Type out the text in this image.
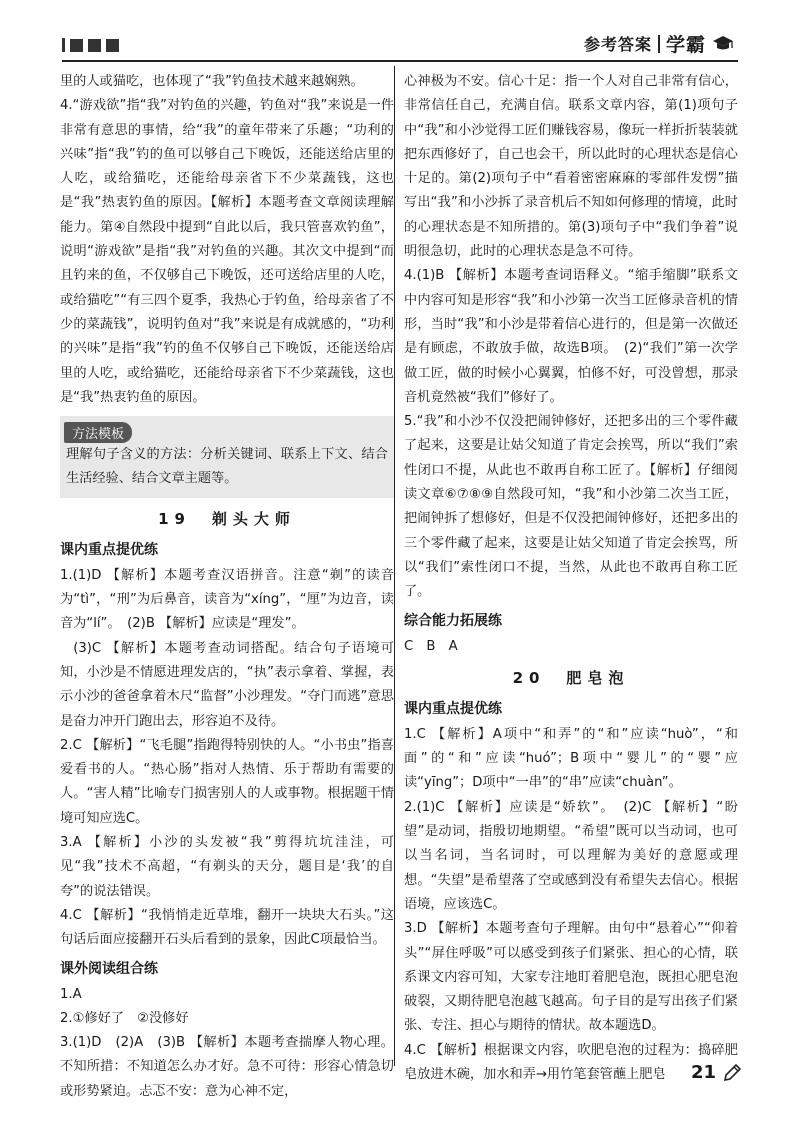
参考答案 学霸

里的人或猫吃，也体现了“我”钓鱼技术越来越娴熟。

4.“游戏欲”指“我”对钓鱼的兴趣，钓鱼对“我”来说是一件非常有意思的事情，给“我”的童年带来了乐趣；“功利的兴味”指“我”钓的鱼可以够自己下晚饭，还能送给店里的人吃，或给猫吃，还能给母亲省下不少菜蔬钱，这也是“我”热衷钓鱼的原因。【解析】本题考查文章阅读理解能力。第④自然段中提到“自此以后，我只管喜欢钓鱼”，说明“游戏欲”是指“我”对钓鱼的兴趣。其次文中提到“而且钓来的鱼，不仅够自己下晚饭，还可送给店里的人吃，或给猫吃”“有三四个夏季，我热心于钓鱼，给母亲省了不少的菜蔬钱”，说明钓鱼对“我”来说是有成就感的，“功利的兴味”是指“我”钓的鱼不仅够自己下晚饭，还能送给店里的人吃，或给猫吃，还能给母亲省下不少菜蔬钱，这也是“我”热衷钓鱼的原因。

方法模板

理解句子含义的方法：分析关键词、联系上下文、结合生活经验、结合文章主题等。

19　剃头大师
课内重点提优练

1.(1)D 【解析】本题考查汉语拼音。注意“剃”的读音为“tì”，“刑”为后鼻音，读音为“xíng”，“厘”为边音，读音为“lí”。　(2)B 【解析】应读是“理发”。

(3)C 【解析】本题考查动词搭配。结合句子语境可知，小沙是不情愿进理发店的，“执”表示拿着、掌握，表示小沙的爸爸拿着木尺“监督”小沙理发。“夺门而逃”意思是奋力冲开门跑出去，形容迫不及待。

2.C 【解析】“飞毛腿”指跑得特别快的人。“小书虫”指喜爱看书的人。“热心肠”指对人热情、乐于帮助有需要的人。“害人精”比喻专门损害别人的人或事物。根据题干情境可知应选C。

3.A 【解析】小沙的头发被“我”剪得坑坑洼洼，可见“我”技术不高超，“有剃头的天分，题目是‘我’的自夸”的说法错误。

4.C 【解析】“我悄悄走近草堆，翻开一块块大石头。”这句话后面应接翻开石头后看到的景象，因此C项最恰当。

课外阅读组合练

1.A

2.①修好了　②没修好

3.(1)D　(2)A　(3)B 【解析】本题考查揣摩人物心理。不知所措：不知道怎么办才好。急不可待：形容心情急切或形势紧迫。忐忑不安：意为心神不定，

心神极为不安。信心十足：指一个人对自己非常有信心，非常信任自己，充满自信。联系文章内容，第(1)项句子中“我”和小沙觉得工匠们赚钱容易，像玩一样折折装装就把东西修好了，自己也会干，所以此时的心理状态是信心十足的。第(2)项句子中“看着密密麻麻的零部件发愣”描写出“我”和小沙拆了录音机后不知如何修理的情境，此时的心理状态是不知所措的。第(3)项句子中“我们争着”说明很急切，此时的心理状态是急不可待。

4.(1)B 【解析】本题考查词语释义。“缩手缩脚”联系文中内容可知是形容“我”和小沙第一次当工匠修录音机的情形，当时“我”和小沙是带着信心进行的，但是第一次做还是有顾虑，不敢放手做，故选B项。　(2)“我们”第一次学做工匠，做的时候小心翼翼，怕修不好，可没曾想，那录音机竟然被“我们”修好了。

5.“我”和小沙不仅没把闹钟修好，还把多出的三个零件藏了起来，这要是让姑父知道了肯定会挨骂，所以“我们”索性闭口不提，从此也不敢再自称工匠了。【解析】仔细阅读文章⑥⑦⑧⑨自然段可知，“我”和小沙第二次当工匠，把闹钟拆了想修好，但是不仅没把闹钟修好，还把多出的三个零件藏了起来，这要是让姑父知道了肯定会挨骂，所以“我们”索性闭口不提，当然，从此也不敢再自称工匠了。

综合能力拓展练

C　B　A

20　肥皂泡
课内重点提优练

1.C 【解析】A项中“和弄”的“和”应读“huò”，“和面”的“和”应读“huó”；B项中“婴儿”的“婴”应读“yīng”；D项中“一串”的“串”应读“chuàn”。

2.(1)C 【解析】应读是“娇软”。　(2)C 【解析】“盼望”是动词，指殷切地期望。“希望”既可以当动词，也可以当名词，当名词时，可以理解为美好的意愿或理想。“失望”是希望落了空或感到没有希望失去信心。根据语境，应该选C。

3.D 【解析】本题考查句子理解。由句中“悬着心”“仰着头”“屏住呼吸”可以感受到孩子们紧张、担心的心情，联系课文内容可知，大家专注地盯着肥皂泡，既担心肥皂泡破裂，又期待肥皂泡越飞越高。句子目的是写出孩子们紧张、专注、担心与期待的情状。故本题选D。

4.C 【解析】根据课文内容，吹肥皂泡的过程为：捣碎肥皂放进木碗，加水和弄→用竹笔套管蘸上肥皂	21
